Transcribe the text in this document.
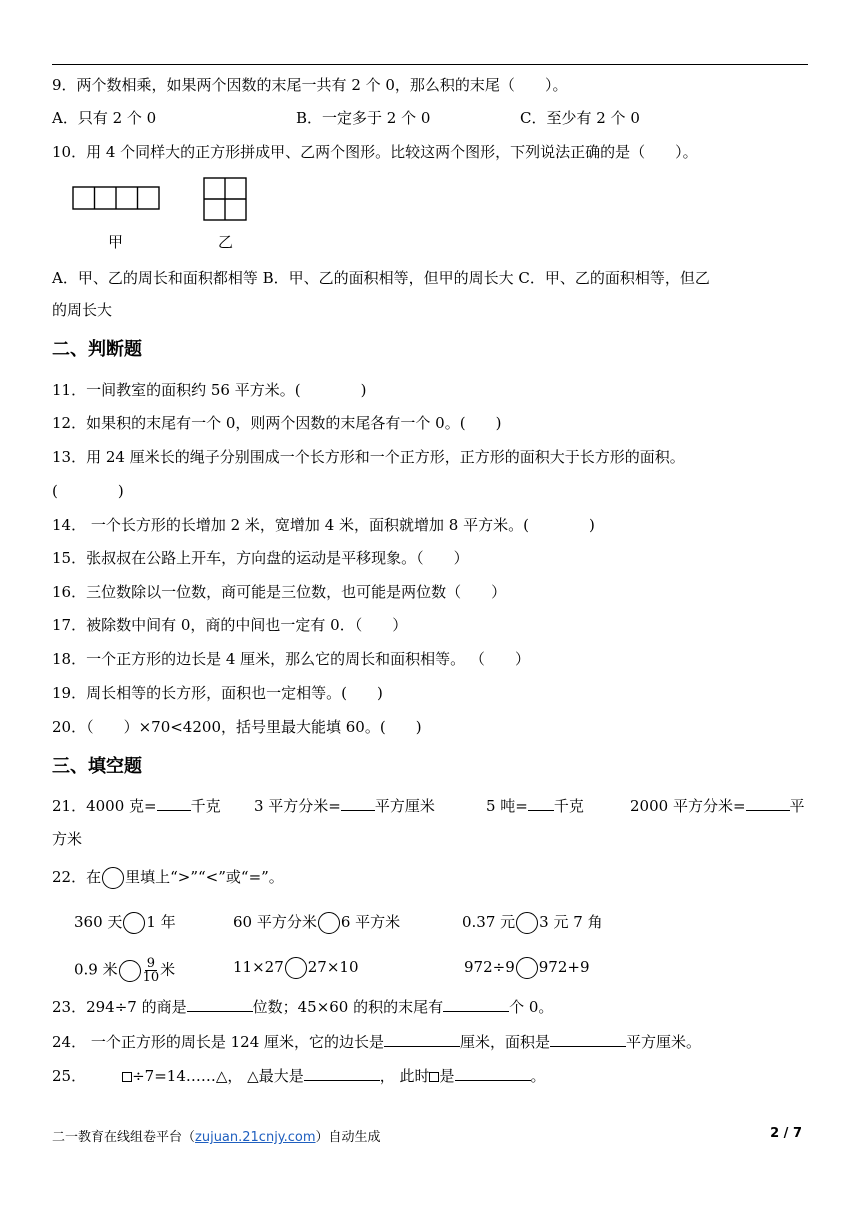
9．两个数相乘，如果两个因数的末尾一共有 2 个 0，那么积的末尾（　　）。
A．只有 2 个 0	B．一定多于 2 个 0	C．至少有 2 个 0
10．用 4 个同样大的正方形拼成甲、乙两个图形。比较这两个图形，下列说法正确的是（　　）。
甲	乙
A．甲、乙的周长和面积都相等 B．甲、乙的面积相等，但甲的周长大 C．甲、乙的面积相等，但乙
的周长大
二、判断题
11．一间教室的面积约 56 平方米。(　　　　)
12．如果积的末尾有一个 0，则两个因数的末尾各有一个 0。(　　)
13．用 24 厘米长的绳子分别围成一个长方形和一个正方形，正方形的面积大于长方形的面积。
(　　　　)
14． 一个长方形的长增加 2 米，宽增加 4 米，面积就增加 8 平方米。(　　　　)
15．张叔叔在公路上开车，方向盘的运动是平移现象。（　　）
16．三位数除以一位数，商可能是三位数，也可能是两位数（　　）
17．被除数中间有 0，商的中间也一定有 0．（　　）
18．一个正方形的边长是 4 厘米，那么它的周长和面积相等。 （　　）
19．周长相等的长方形，面积也一定相等。(　　)
20．（　　）×70<4200，括号里最大能填 60。(　　)
三、填空题
21．4000 克= 千克 3 平方分米= 平方厘米	5 吨= 千克	2000 平方分米=	平
方米
22．在 里填上“>”“<”或“=”。
360 天 1 年	60 平方分米 6 平方米	0.37 元 3 元 7 角
0.9 米 $\frac{9}{10}$ 米	11×27 27×10	972÷9 972+9
23．294÷7 的商是	位数；45×60 的积的末尾有	个 0。
24． 一个正方形的周长是 124 厘米，它的边长是	厘米，面积是	平方厘米。
25．	÷7=14……△， △最大是	， 此时 是	。
二一教育在线组卷平台（zujuan.21cnjy.com）自动生成	2 / 7
